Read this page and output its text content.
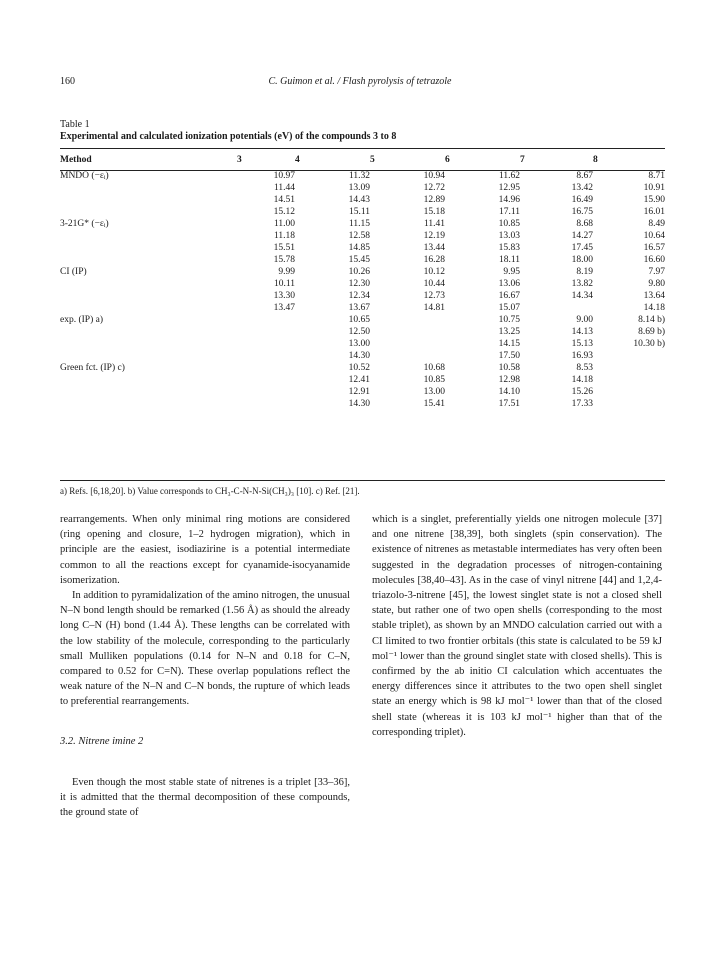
160	C. Guimon et al. / Flash pyrolysis of tetrazole
Table 1
Experimental and calculated ionization potentials (eV) of the compounds 3 to 8
Method	3	4	5	6	7	8
MNDO (−εᵢ)	10.97	11.32	10.94	11.62	8.67	8.71
	11.44	13.09	12.72	12.95	13.42	10.91
	14.51	14.43	12.89	14.96	16.49	15.90
	15.12	15.11	15.18	17.11	16.75	16.01
3-21G* (−εᵢ)	11.00	11.15	11.41	10.85	8.68	8.49
	11.18	12.58	12.19	13.03	14.27	10.64
	15.51	14.85	13.44	15.83	17.45	16.57
	15.78	15.45	16.28	18.11	18.00	16.60
CI (IP)	9.99	10.26	10.12	9.95	8.19	7.97
	10.11	12.30	10.44	13.06	13.82	9.80
	13.30	12.34	12.73	16.67	14.34	13.64
	13.47	13.67	14.81	15.07		14.18
exp. (IP) a)		10.65		10.75	9.00	8.14 b)
		12.50		13.25	14.13	8.69 b)
		13.00		14.15	15.13	10.30 b)
		14.30		17.50	16.93	
Green fct. (IP) c)		10.52	10.68	10.58	8.53	
		12.41	10.85	12.98	14.18	
		12.91	13.00	14.10	15.26	
		14.30	15.41	17.51	17.33	
a) Refs. [6,18,20]. b) Value corresponds to CH₃-C-N-N-Si(CH₃)₃ [10]. c) Ref. [21].

rearrangements. When only minimal ring motions are considered (ring opening and closure, 1–2 hydrogen migration), which in principle are the easiest, isodiazirine is a potential intermediate common to all the reactions except for cyanamide-isocyanamide isomerization.

In addition to pyramidalization of the amino nitrogen, the unusual N–N bond length should be remarked (1.56 Å) as should the already long C–N (H) bond (1.44 Å). These lengths can be correlated with the low stability of the molecule, corresponding to the particularly small Mulliken populations (0.14 for N–N and 0.18 for C–N, compared to 0.52 for C=N). These overlap populations reflect the weak nature of the N–N and C–N bonds, the rupture of which leads to preferential rearrangements.

3.2. Nitrene imine 2

Even though the most stable state of nitrenes is a triplet [33–36], it is admitted that the thermal decomposition of these compounds, the ground state of

which is a singlet, preferentially yields one nitrogen molecule [37] and one nitrene [38,39], both singlets (spin conservation). The existence of nitrenes as metastable intermediates has very often been suggested in the degradation processes of nitrogen-containing molecules [38,40–43]. As in the case of vinyl nitrene [44] and 1,2,4-triazolo-3-nitrene [45], the lowest singlet state is not a closed shell state, but rather one of two open shells (corresponding to the most stable triplet), as shown by an MNDO calculation carried out with a CI limited to two frontier orbitals (this state is calculated to be 59 kJ mol⁻¹ lower than the ground singlet state with closed shells). This is confirmed by the ab initio CI calculation which accentuates the energy differences since it attributes to the two open shell singlet state an energy which is 98 kJ mol⁻¹ lower than that of the closed shell state (whereas it is 103 kJ mol⁻¹ higher than that of the corresponding triplet).
